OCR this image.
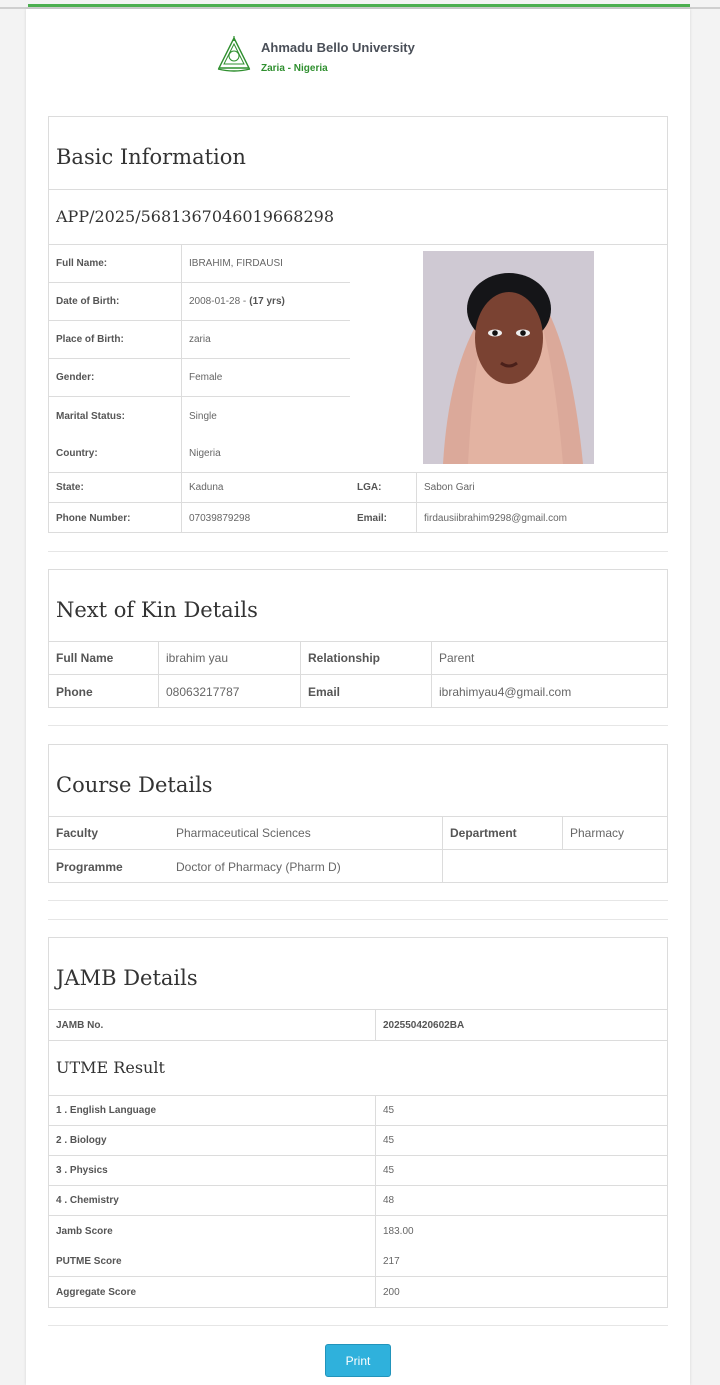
Ahmadu Bello University
Zaria - Nigeria
Basic Information
APP/2025/5681367046019668298
Full Name:	IBRAHIM, FIRDAUSI
Date of Birth:	2008-01-28 - (17 yrs)
Place of Birth:	zaria
Gender:	Female
Marital Status:	Single
Country:	Nigeria
State:	Kaduna	LGA:	Sabon Gari
Phone Number:	07039879298	Email:	firdausiibrahim9298@gmail.com
Next of Kin Details
Full Name	ibrahim yau	Relationship	Parent
Phone	08063217787	Email	ibrahimyau4@gmail.com
Course Details
Faculty	Pharmaceutical Sciences	Department	Pharmacy
Programme	Doctor of Pharmacy (Pharm D)
JAMB Details
JAMB No.	202550420602BA
UTME Result
1 . English Language	45
2 . Biology	45
3 . Physics	45
4 . Chemistry	48
Jamb Score	183.00
PUTME Score	217
Aggregate Score	200
Print
